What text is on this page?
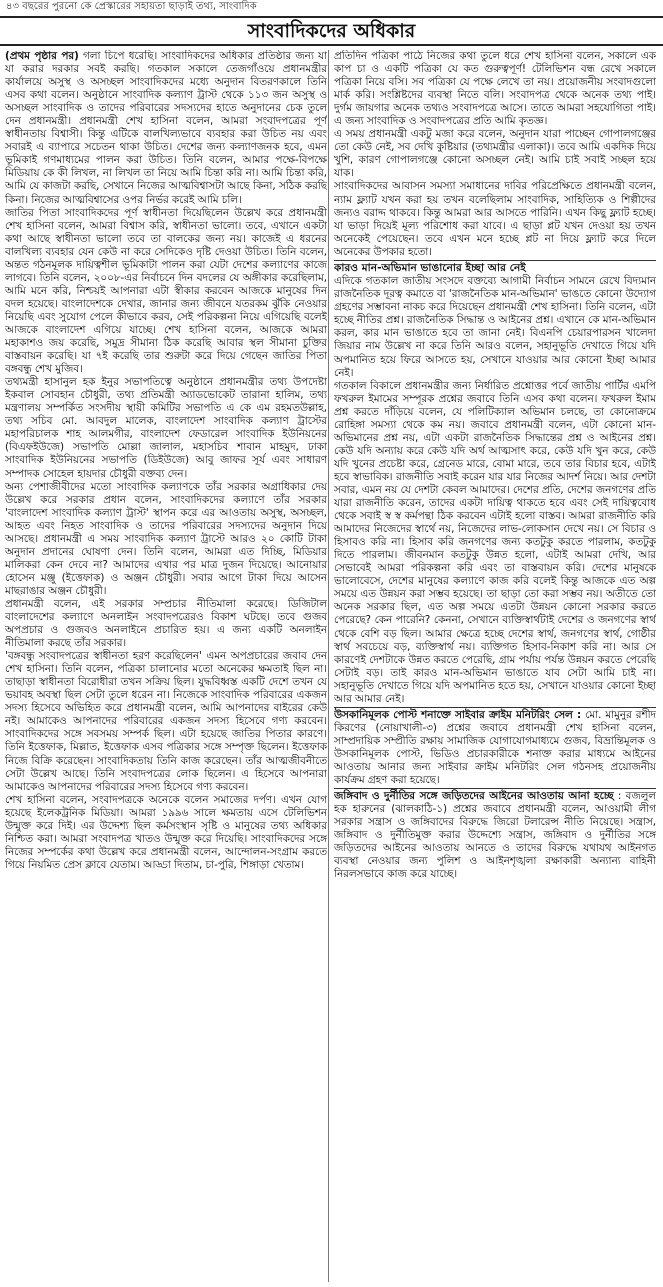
৪৩ বছরের পুরনো কে প্রেস্কারের সহায়তা ছাড়াই তথ্য, সাংবাদিক
সাংবাদিকদের অধিকার

(প্রথম পৃষ্ঠার পর) গলা চিপে ধরেছি। সাংবাদিকদের অধিকার প্রতিষ্ঠার জন্য যা যা করার দরকার সবই করছি। গতকাল সকালে তেজগাঁওয়ে প্রধানমন্ত্রীর কার্যালয়ে অসুস্থ ও অসচ্ছল সাংবাদিকদের মধ্যে অনুদান বিতরণকালে তিনি এসব কথা বলেন। অনুষ্ঠানে সাংবাদিক কল্যাণ ট্রাস্ট থেকে ১১৩ জন অসুস্থ ও অসচ্ছল সাংবাদিক ও তাদের পরিবারের সদস্যদের হাতে অনুদানের চেক তুলে দেন প্রধানমন্ত্রী। প্রধানমন্ত্রী শেখ হাসিনা বলেন, আমরা সংবাদপত্রের পূর্ণ স্বাধীনতায় বিশ্বাসী। কিন্তু এটিকে বালখিল্যভাবে ব্যবহার করা উচিত নয় এবং সবারই এ ব্যাপারে সচেতন থাকা উচিত। দেশের জন্য কল্যাণজনক হবে, এমন ভূমিকাই গণমাধ্যমের পালন করা উচিত। তিনি বলেন, আমার পক্ষে-বিপক্ষে মিডিয়ায় কে কী লিখল, না লিখল তা নিয়ে আমি চিন্তা করি না। আমি চিন্তা করি, আমি যে কাজটা করছি, সেখানে নিজের আত্মবিশ্বাসটা আছে কিনা, সঠিক করছি কিনা। নিজের আত্মবিশ্বাসের ওপর নির্ভর করেই আমি চলি।

জাতির পিতা সাংবাদিকদের পূর্ণ স্বাধীনতা দিয়েছিলেন উল্লেখ করে প্রধানমন্ত্রী শেখ হাসিনা বলেন, আমরা বিশ্বাস করি, স্বাধীনতা ভালো। তবে, এখানে একটা কথা আছে স্বাধীনতা ভালো তবে তা বালকের জন্য নয়। কাজেই এ ধরনের বালখিল্য ব্যবহার যেন কেউ না করে সেদিকেও দৃষ্টি দেওয়া উচিত। তিনি বলেন, অন্তত গঠনমূলক দায়িত্বশীল ভূমিকাটা পালন করা যেটা দেশের কল্যাণের কাজে লাগবে। তিনি বলেন, ২০০৮-এর নির্বাচনে দিন বদলের যে অঙ্গীকার করেছিলাম, আমি মনে করি, নিশ্চয়ই আপনারা এটা স্বীকার করবেন আজকে মানুষের দিন বদল হয়েছে। বাংলাদেশকে দেখার, জানার জন্য জীবনে যতরকম ঝুঁকি নেওয়ার নিয়েছি এবং সুযোগ পেলে কীভাবে করব, সেই পরিকল্পনা নিয়ে এগিয়েছি বলেই আজকে বাংলাদেশ এগিয়ে যাচ্ছে। শেখ হাসিনা বলেন, আজকে আমরা মহাকাশও জয় করেছি, সমুদ্র সীমানা ঠিক করেছি আবার স্থল সীমানা চুক্তির বাস্তবায়ন করেছি। যা ৭ই করেছি তার শুরুটা করে দিয়ে গেছেন জাতির পিতা বঙ্গবন্ধু শেখ মুজিব।

তথ্যমন্ত্রী হাসানুল হক ইনুর সভাপতিত্বে অনুষ্ঠানে প্রধানমন্ত্রীর তথ্য উপদেষ্টা ইকবাল সোবহান চৌধুরী, তথ্য প্রতিমন্ত্রী অ্যাডভোকেট তারানা হালিম, তথ্য মন্ত্রণালয় সম্পর্কিত সংসদীয় স্থায়ী কমিটির সভাপতি এ কে এম রহমতউল্লাহ, তথ্য সচিব মো. আবদুল মালেক, বাংলাদেশ সাংবাদিক কল্যাণ ট্রাস্টের মহাপরিচালক শাহ আলমগীর, বাংলাদেশ ফেডারেল সাংবাদিক ইউনিয়নের (বিএফইউজে) সভাপতি মোল্লা জালাল, মহাসচিব শাবান মাহমুদ, ঢাকা সাংবাদিক ইউনিয়নের সভাপতি (ডিইউজে) আবু জাফর সূর্য এবং সাধারণ সম্পাদক সোহেল হায়দার চৌধুরী বক্তব্য দেন।

অন্য পেশাজীবীদের মতো সাংবাদিক কল্যাণকে তাঁর সরকার অগ্রাধিকার দেয় উল্লেখ করে সরকার প্রধান বলেন, সাংবাদিকদের কল্যাণে তাঁর সরকার 'বাংলাদেশ সাংবাদিক কল্যাণ ট্রাস্ট' স্থাপন করে এর আওতায় অসুস্থ, অসচ্ছল, আহত এবং নিহত সাংবাদিক ও তাদের পরিবারের সদস্যদের অনুদান দিয়ে আসছে। প্রধানমন্ত্রী এ সময় সাংবাদিক কল্যাণ ট্রাস্টে আরও ২০ কোটি টাকা অনুদান প্রদানের ঘোষণা দেন। তিনি বলেন, আমরা এত দিচ্ছি, মিডিয়ার মালিকরা কেন দেবে না? আমাদের এখার পর মাত্র দুজন দিয়েছে। আনোয়ার হোসেন মঞ্জু (ইত্তেফাক) ও অঞ্জন চৌধুরী। সবার আগে টাকা দিয়ে আসেন মাছরাঙার অঞ্জন চৌধুরী।

প্রধানমন্ত্রী বলেন, এই সরকার সম্প্রচার নীতিমালা করেছে। ডিজিটাল বাংলাদেশের কল্যাণে অনলাইন সংবাদপত্রেরও বিকাশ ঘটছে। তবে গুজব অপপ্রচার ও গুজবও অনলাইনে প্রচারিত হয়। এ জন্য একটি অনলাইন নীতিমালা করছে তাঁর সরকার।

'বঙ্গবন্ধু সংবাদপত্রের স্বাধীনতা হরণ করেছিলেন' এমন অপপ্রচারের জবাব দেন শেখ হাসিনা। তিনি বলেন, পত্রিকা চালানোর মতো অনেকের ক্ষমতাই ছিল না। তাছাড়া স্বাধীনতা বিরোধীরা তখন সক্রিয় ছিল। যুদ্ধবিধ্বস্ত একটি দেশে তখন যে ভয়াবহ অবস্থা ছিল সেটা তুলে ধরেন না। নিজেকে সাংবাদিক পরিবারের একজন সদস্য হিসেবে অভিহিত করে প্রধানমন্ত্রী বলেন, আমি আপনাদের বাইরের কেউ নই। আমাকেও আপনাদের পরিবারের একজন সদস্য হিসেবে গণ্য করবেন। সাংবাদিকদের সঙ্গে সবসময় সম্পর্ক ছিল। এটা হয়েছে জাতির পিতার কারণে। তিনি ইত্তেফাক, মিল্লাত, ইত্তেফাক এসব পত্রিকার সঙ্গে সম্পৃক্ত ছিলেন। ইত্তেফাক নিজে বিক্রি করেছেন। সাংবাদিকতায় তিনি কাজ করেছেন। তাঁর আত্মজীবনীতে সেটা উল্লেখ আছে। তিনি সংবাদপত্রের লোক ছিলেন। এ হিসেবে আপনারা আমাকেও আপনাদের পরিবারের সদস্য হিসেবে গণ্য করবেন।

শেখ হাসিনা বলেন, সংবাদপত্রকে অনেকে বলেন সমাজের দর্পণ। এখন যোগ হয়েছে ইলেকট্রনিক মিডিয়া। আমরা ১৯৯৬ সালে ক্ষমতায় এসে টেলিভিশন উন্মুক্ত করে দিই। এর উদ্দেশ্য ছিল কর্মসংস্থান সৃষ্টি ও মানুষের তথ্য অধিকার নিশ্চিত করা। আমরা সংবাদপত্র খাতও উন্মুক্ত করে দিয়েছি। সাংবাদিকদের সঙ্গে নিজের সম্পর্কের কথা উল্লেখ করে প্রধানমন্ত্রী বলেন, আন্দোলন-সংগ্রাম করতে গিয়ে নিয়মিত প্রেস ক্লাবে যেতাম। আড্ডা দিতাম, চা-পুরি, শিঙ্গাড়া খেতাম।

প্রতিদিন পত্রিকা পাঠে নিজের কথা তুলে ধরে শেখ হাসিনা বলেন, সকালে এক কাপ চা ও একটি পত্রিকা যে কত গুরুত্বপূর্ণ! টেলিভিশন বন্ধ রেখে সকালে পত্রিকা নিয়ে বসি। সব পত্রিকা যে পক্ষে লেখে তা নয়। প্রয়োজনীয় সংবাদগুলো মার্ক করি। সংশ্লিষ্টদের ব্যবস্থা নিতে বলি। সংবাদপত্র থেকে অনেক তথ্য পাই। দুর্গম জায়গার অনেক তথ্যও সংবাদপত্রে আসে। তাতে আমরা সহযোগিতা পাই। এ জন্য সাংবাদিক ও সংবাদপত্রের প্রতি আমি কৃতজ্ঞ।

এ সময় প্রধানমন্ত্রী একটু মজা করে বলেন, অনুদান যারা পাচ্ছেন গোপালগঞ্জের তো কেউ নেই, সব দেখি কুষ্টিয়ার (তথ্যমন্ত্রীর এলাকা)। তবে আমি একদিক দিয়ে খুশি, কারণ গোপালগঞ্জে কোনো অসচ্ছল নেই। আমি চাই সবাই সচ্ছল হয়ে যাক।

সাংবাদিকদের আবাসন সমস্যা সমাধানের দাবির পরিপ্রেক্ষিতে প্রধানমন্ত্রী বলেন, ন্যাম ফ্ল্যাট যখন করা হয় তখন বলেছিলাম সাংবাদিক, সাহিত্যিক ও শিল্পীদের জন্যও বরাদ্দ থাকবে। কিন্তু আমরা আর আসতে পারিনি। এখন কিছু ফ্ল্যাট হচ্ছে। যা ভাড়া দিয়েই মূল্য পরিশোধ করা যাবে। এ ছাড়া প্লট যখন দেওয়া হয় তখন অনেকেই পেয়েছেন। তবে এখন মনে হচ্ছে প্লট না দিয়ে ফ্ল্যাট করে দিলে অনেকের উপকার হতো।

কারও মান-অভিমান ভাঙানোর ইচ্ছা আর নেই

এদিকে গতকাল জাতীয় সংসদে বক্তব্যে আগামী নির্বাচন সামনে রেখে বিদ্যমান রাজনৈতিক দূরত্ব কমাতে বা 'রাজনৈতিক মান-অভিমান' ভাঙতে কোনো উদ্যোগ গ্রহণের সম্ভাবনা নাকচ করে দিয়েছেন প্রধানমন্ত্রী শেখ হাসিনা। তিনি বলেন, এটা হচ্ছে নীতির প্রশ্ন। রাজনৈতিক সিদ্ধান্ত ও আইনের প্রশ্ন। এখানে কে মান-অভিমান করল, কার মান ভাঙাতে হবে তা জানা নেই। বিএনপি চেয়ারপারসন খালেদা জিয়ার নাম উল্লেখ না করে তিনি আরও বলেন, সহানুভূতি দেখাতে গিয়ে যদি অপমানিত হয়ে ফিরে আসতে হয়, সেখানে যাওয়ার আর কোনো ইচ্ছা আমার নেই।

গতকাল বিকালে প্রধানমন্ত্রীর জন্য নির্ধারিত প্রশ্নোত্তর পর্বে জাতীয় পার্টির এমপি ফখরুল ইমামের সম্পূরক প্রশ্নের জবাবে তিনি এসব কথা বলেন। ফখরুল ইমাম প্রশ্ন করতে দাঁড়িয়ে বলেন, যে পলিটিক্যাল অভিমান চলছে, তা কোনোক্রমে রোহিঙ্গা সমস্যা থেকে কম নয়। জবাবে প্রধানমন্ত্রী বলেন, এটা কোনো মান-অভিমানের প্রশ্ন নয়, এটা একটা রাজনৈতিক সিদ্ধান্তের প্রশ্ন ও আইনের প্রশ্ন। কেউ যদি অন্যায় করে কেউ যদি অর্থ আত্মসাৎ করে, কেউ যদি খুন করে, কেউ যদি খুনের প্রচেষ্টা করে, গ্রেনেড মারে, বোমা মারে, তবে তার বিচার হবে, এটাই হবে স্বাভাবিক। রাজনীতি সবাই করেন যার যার নিজের আদর্শ নিয়ে। আর দেশটা সবার, এমন নয় যে দেশটা কেবল আমাদের। দেশের প্রতি, দেশের জনগণের প্রতি যারা রাজনীতি করেন, তাদের একটা দায়িত্ব থাকতে হবে এবং সেই দায়িত্ববোধ থেকে সবাই স্ব স্ব কর্মপন্থা ঠিক করবেন এটাই হলো বাস্তব। আমরা রাজনীতি করি আমাদের নিজেদের স্বার্থে নয়, নিজেদের লাভ-লোকসান দেখে নয়। সে বিচার ও হিসাবও করি না। হিসাব করি জনগণের জন্য কতটুকু করতে পারলাম, কতটুকু দিতে পারলাম। জীবনমান কতটুকু উন্নত হলো, এটাই আমরা দেখি, আর সেভাবেই আমরা পরিকল্পনা করি এবং তা বাস্তবায়ন করি। দেশের মানুষকে ভালোবেসে, দেশের মানুষের কল্যাণে কাজ করি বলেই কিন্তু আজকে এত অল্প সময়ে এত উন্নয়ন করা সম্ভব হয়েছে। তা ছাড়া তো করা সম্ভব নয়। অতীতে তো অনেক সরকার ছিল, এত অল্প সময়ে এতটা উন্নয়ন কোনো সরকার করতে পেরেছে? কেন পারেনি? কেননা, সেখানে ব্যক্তিস্বার্থটাই দেশের ও জনগণের স্বার্থ থেকে বেশি বড় ছিল। আমার ক্ষেত্রে হচ্ছে দেশের স্বার্থ, জনগণের স্বার্থ, গোষ্ঠীর স্বার্থ সবচেয়ে বড়, ব্যক্তিস্বার্থ নয়। ব্যক্তিগত হিসাব-নিকাশ করি না। আর সে কারণেই দেশটাকে উন্নত করতে পেরেছি, গ্রাম পর্যায় পর্যন্ত উন্নয়ন করতে পেরেছি সেটাই বড়। তাই কারও মান-অভিমান ভাঙাতে যাব সেটা আমি চাই না। সহানুভূতি দেখাতে গিয়ে যদি অপমানিত হতে হয়, সেখানে যাওয়ার কোনো ইচ্ছা আর আমার নেই।

উসকানিমূলক পোস্ট শনাক্তে সাইবার ক্রাইম মনিটরিং সেল : মো. মামুনুর রশীদ কিরণের (নোয়াখালী-৩) প্রশ্নের জবাবে প্রধানমন্ত্রী শেখ হাসিনা বলেন, সাম্প্রদায়িক সম্প্রীতি রক্ষায় সামাজিক যোগাযোগমাধ্যমে গুজব, বিভ্রান্তিমূলক ও উসকানিমূলক পোস্ট, ভিডিও প্রচারকারীকে শনাক্ত করার মাধ্যমে আইনের আওতায় আনার জন্য সাইবার ক্রাইম মনিটরিং সেল গঠনসহ প্রয়োজনীয় কার্যক্রম গ্রহণ করা হয়েছে।

জঙ্গিবাদ ও দুর্নীতির সঙ্গে জড়িতদের আইনের আওতায় আনা হচ্ছে : বজলুল হক হারুনের (ঝালকাঠি-১) প্রশ্নের জবাবে প্রধানমন্ত্রী বলেন, আওয়ামী লীগ সরকার সন্ত্রাস ও জঙ্গিবাদের বিরুদ্ধে জিরো টলারেন্স নীতি নিয়েছে। সন্ত্রাস, জঙ্গিবাদ ও দুর্নীতিমুক্ত করার উদ্দেশ্যে সন্ত্রাস, জঙ্গিবাদ ও দুর্নীতির সঙ্গে জড়িতদের আইনের আওতায় আনতে ও তাদের বিরুদ্ধে যথাযথ আইনগত ব্যবস্থা নেওয়ার জন্য পুলিশ ও আইনশৃঙ্খলা রক্ষাকারী অন্যান্য বাহিনী নিরলসভাবে কাজ করে যাচ্ছে।
